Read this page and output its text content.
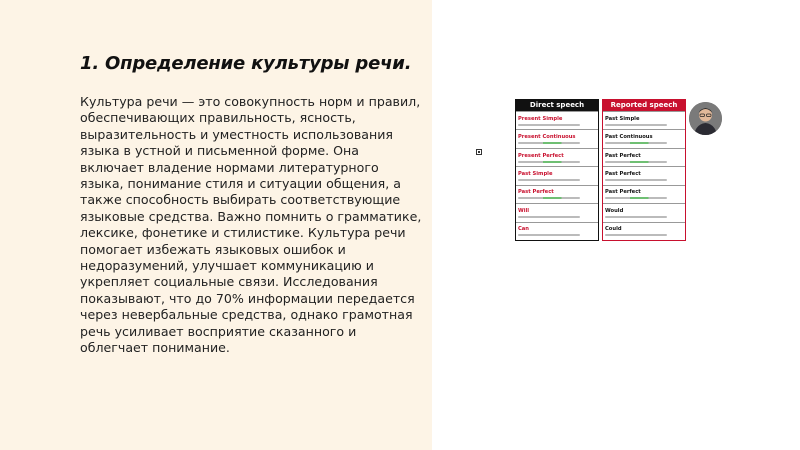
1. Определение культуры речи.
Культура речи — это совокупность норм и правил, обеспечивающих правильность, ясность, выразительность и уместность использования языка в устной и письменной форме. Она включает владение нормами литературного языка, понимание стиля и ситуации общения, а также способность выбирать соответствующие языковые средства. Важно помнить о грамматике, лексике, фонетике и стилистике. Культура речи помогает избежать языковых ошибок и недоразумений, улучшает коммуникацию и укрепляет социальные связи. Исследования показывают, что до 70% информации передается через невербальные средства, однако грамотная речь усиливает восприятие сказанного и облегчает понимание.
Direct speech
Present Simple
Present Continuous
Present Perfect
Past Simple
Past Perfect
Will
Can
Reported speech
Past Simple
Past Continuous
Past Perfect
Past Perfect
Past Perfect
Would
Could
